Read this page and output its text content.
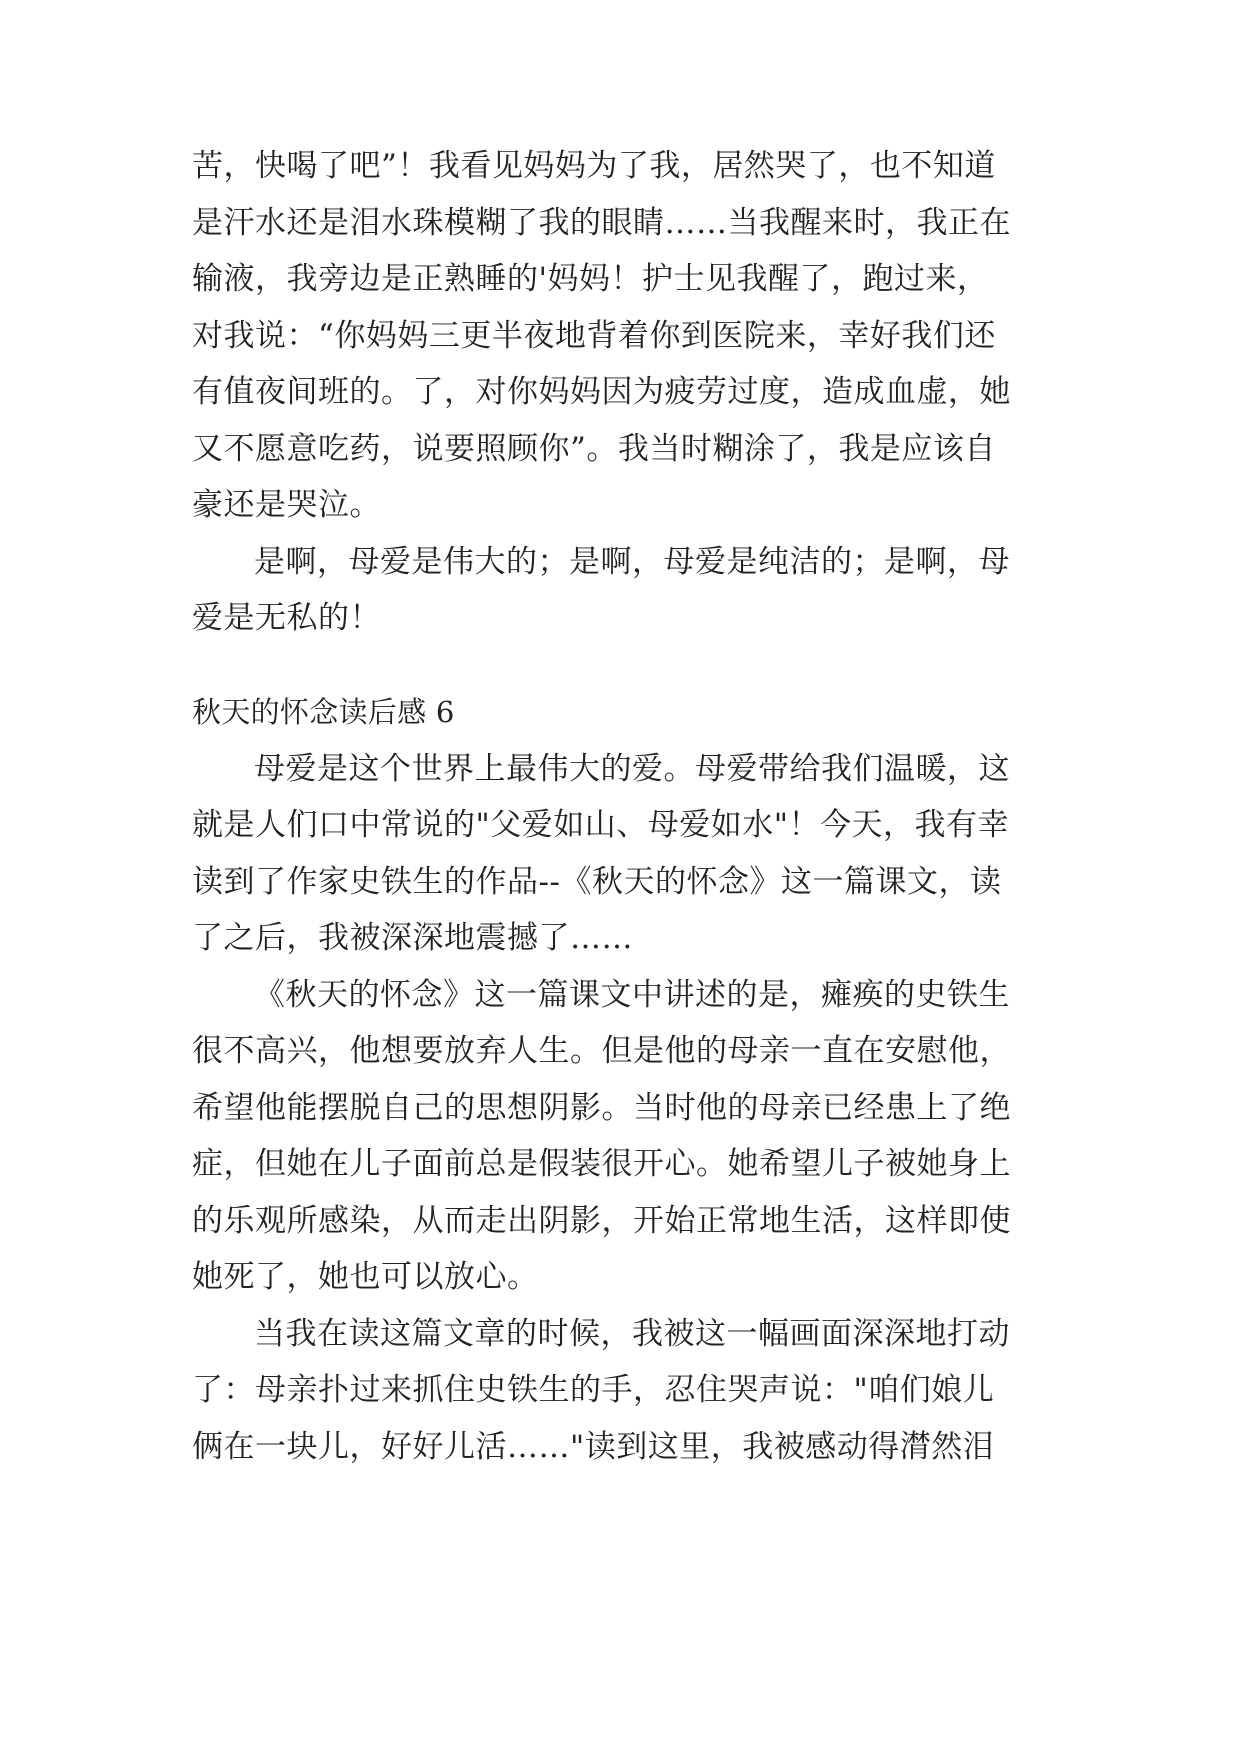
苦，快喝了吧”！我看见妈妈为了我，居然哭了，也不知道
是汗水还是泪水珠模糊了我的眼睛……当我醒来时，我正在
输液，我旁边是正熟睡的'妈妈！护士见我醒了，跑过来，
对我说：“你妈妈三更半夜地背着你到医院来，幸好我们还
有值夜间班的。了，对你妈妈因为疲劳过度，造成血虚，她
又不愿意吃药，说要照顾你”。我当时糊涂了，我是应该自
豪还是哭泣。
是啊，母爱是伟大的；是啊，母爱是纯洁的；是啊，母
爱是无私的！
秋天的怀念读后感 6
母爱是这个世界上最伟大的爱。母爱带给我们温暖，这
就是人们口中常说的"父爱如山、母爱如水"！今天，我有幸
读到了作家史铁生的作品--《秋天的怀念》这一篇课文，读
了之后，我被深深地震撼了……
《秋天的怀念》这一篇课文中讲述的是，瘫痪的史铁生
很不高兴，他想要放弃人生。但是他的母亲一直在安慰他，
希望他能摆脱自己的思想阴影。当时他的母亲已经患上了绝
症，但她在儿子面前总是假装很开心。她希望儿子被她身上
的乐观所感染，从而走出阴影，开始正常地生活，这样即使
她死了，她也可以放心。
当我在读这篇文章的时候，我被这一幅画面深深地打动
了：母亲扑过来抓住史铁生的手，忍住哭声说："咱们娘儿
俩在一块儿，好好儿活……"读到这里，我被感动得潸然泪
